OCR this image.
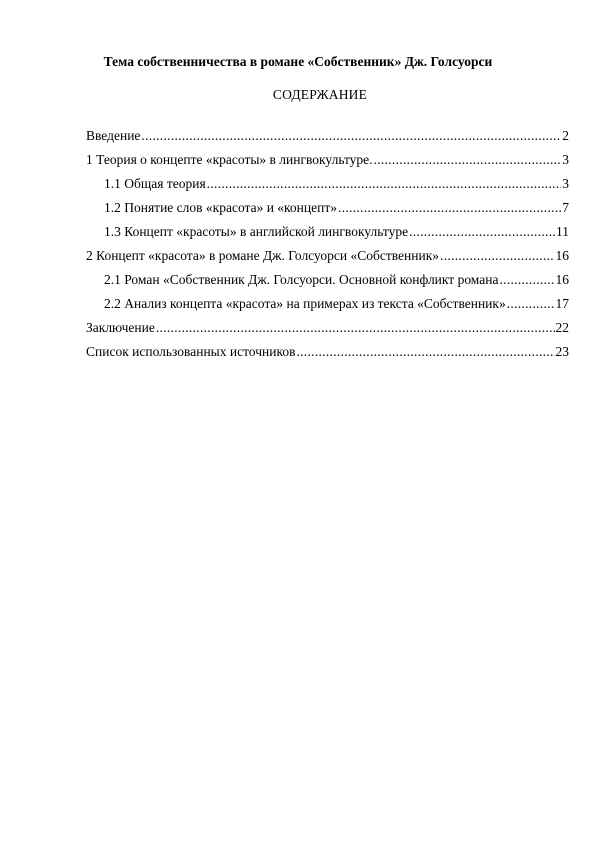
Тема собственничества в романе «Собственник» Дж. Голсуорси
СОДЕРЖАНИЕ
Введение .....	2
1 Теория о концепте «красоты» в лингвокультуре. .....	3
1.1 Общая теория .....	3
1.2 Понятие слов «красота» и «концепт» .....	7
1.3 Концепт «красоты» в английской лингвокультуре .....	11
2 Концепт «красота» в романе Дж. Голсуорси «Собственник» .....	16
2.1 Роман «Собственник Дж. Голсуорси. Основной конфликт романа .....	16
2.2 Анализ концепта «красота» на примерах из текста «Собственник» .....	17
Заключение .....	22
Список использованных источников .....	23
